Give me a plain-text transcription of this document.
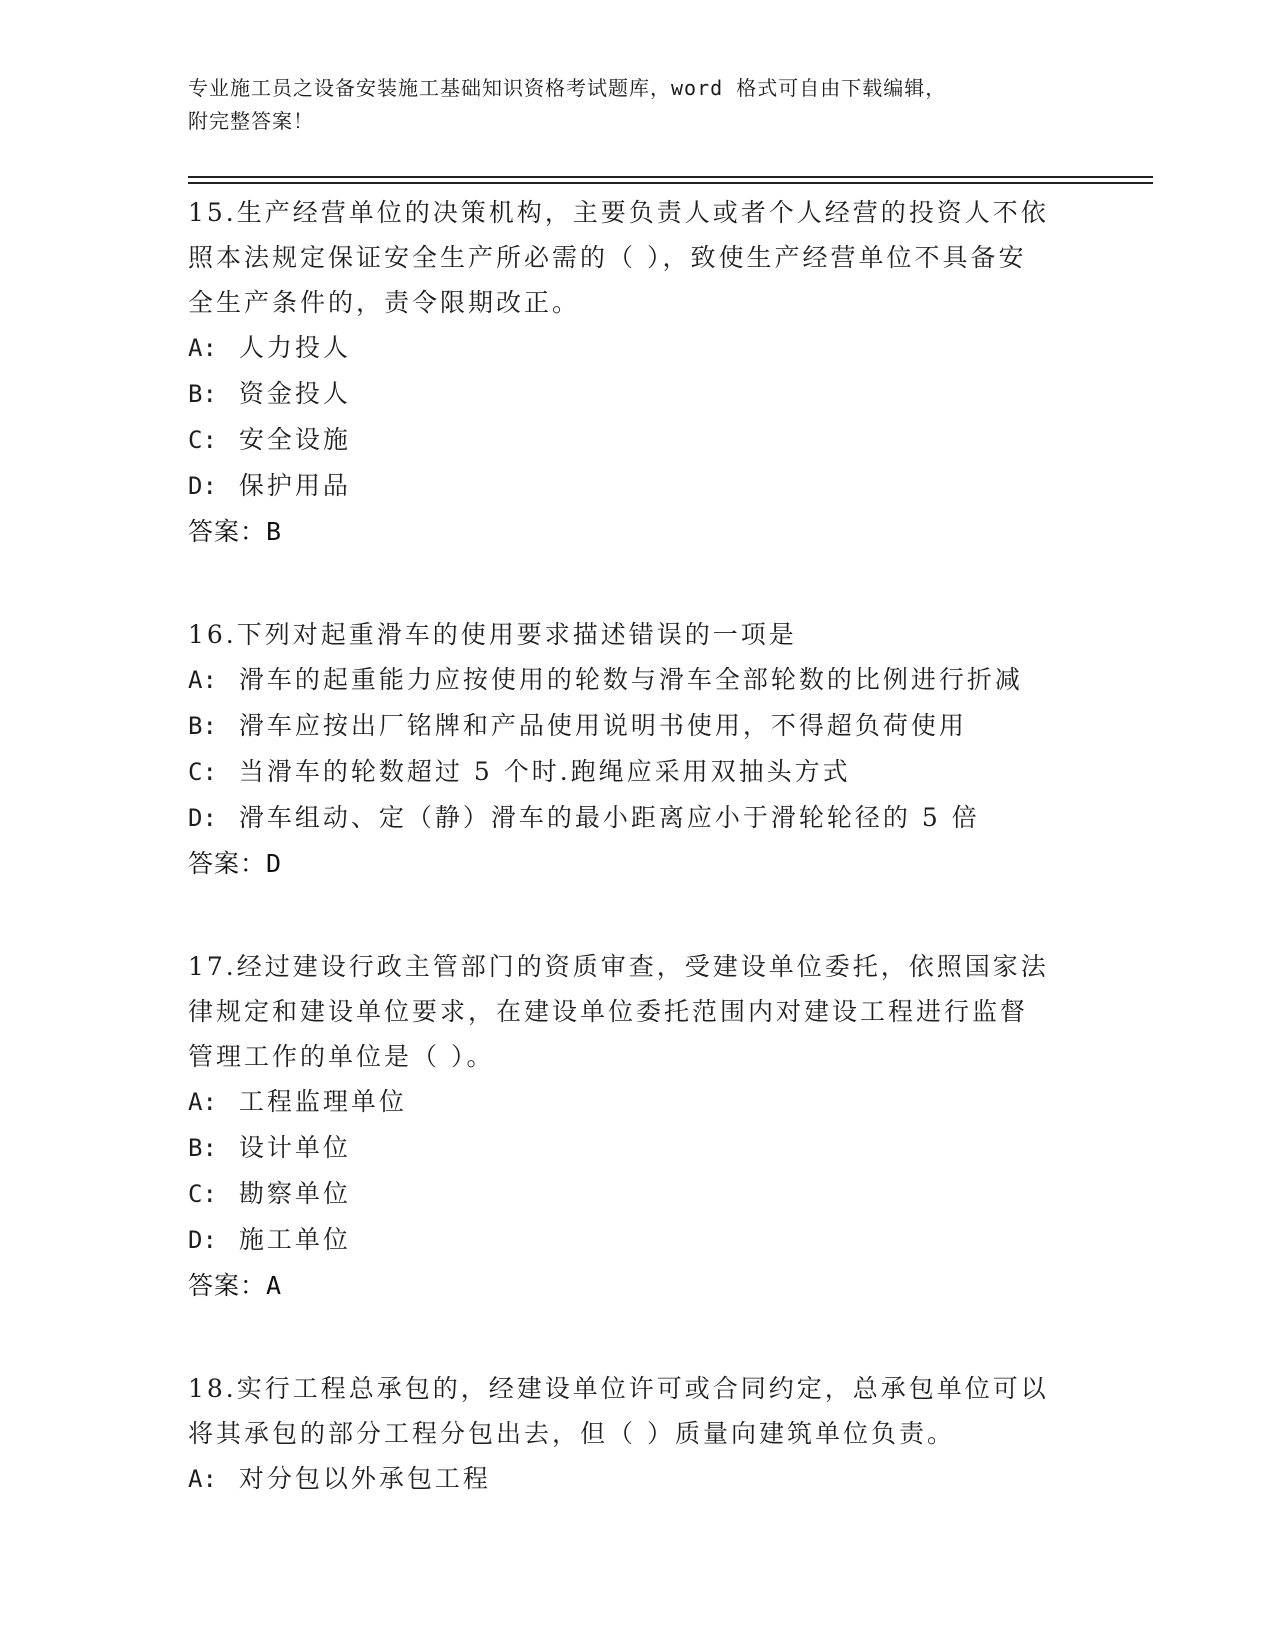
专业施工员之设备安装施工基础知识资格考试题库，word 格式可自由下载编辑，
附完整答案！
15.生产经营单位的决策机构，主要负责人或者个人经营的投资人不依
照本法规定保证安全生产所必需的（ ），致使生产经营单位不具备安
全生产条件的，责令限期改正。
A: 人力投人
B: 资金投人
C: 安全设施
D: 保护用品
答案：B
16.下列对起重滑车的使用要求描述错误的一项是
A: 滑车的起重能力应按使用的轮数与滑车全部轮数的比例进行折减
B: 滑车应按出厂铭牌和产品使用说明书使用，不得超负荷使用
C: 当滑车的轮数超过 5 个时.跑绳应采用双抽头方式
D: 滑车组动、定（静）滑车的最小距离应小于滑轮轮径的 5 倍
答案：D
17.经过建设行政主管部门的资质审查，受建设单位委托，依照国家法
律规定和建设单位要求，在建设单位委托范围内对建设工程进行监督
管理工作的单位是（ ）。
A: 工程监理单位
B: 设计单位
C: 勘察单位
D: 施工单位
答案：A
18.实行工程总承包的，经建设单位许可或合同约定，总承包单位可以
将其承包的部分工程分包出去，但（ ）质量向建筑单位负责。
A: 对分包以外承包工程
